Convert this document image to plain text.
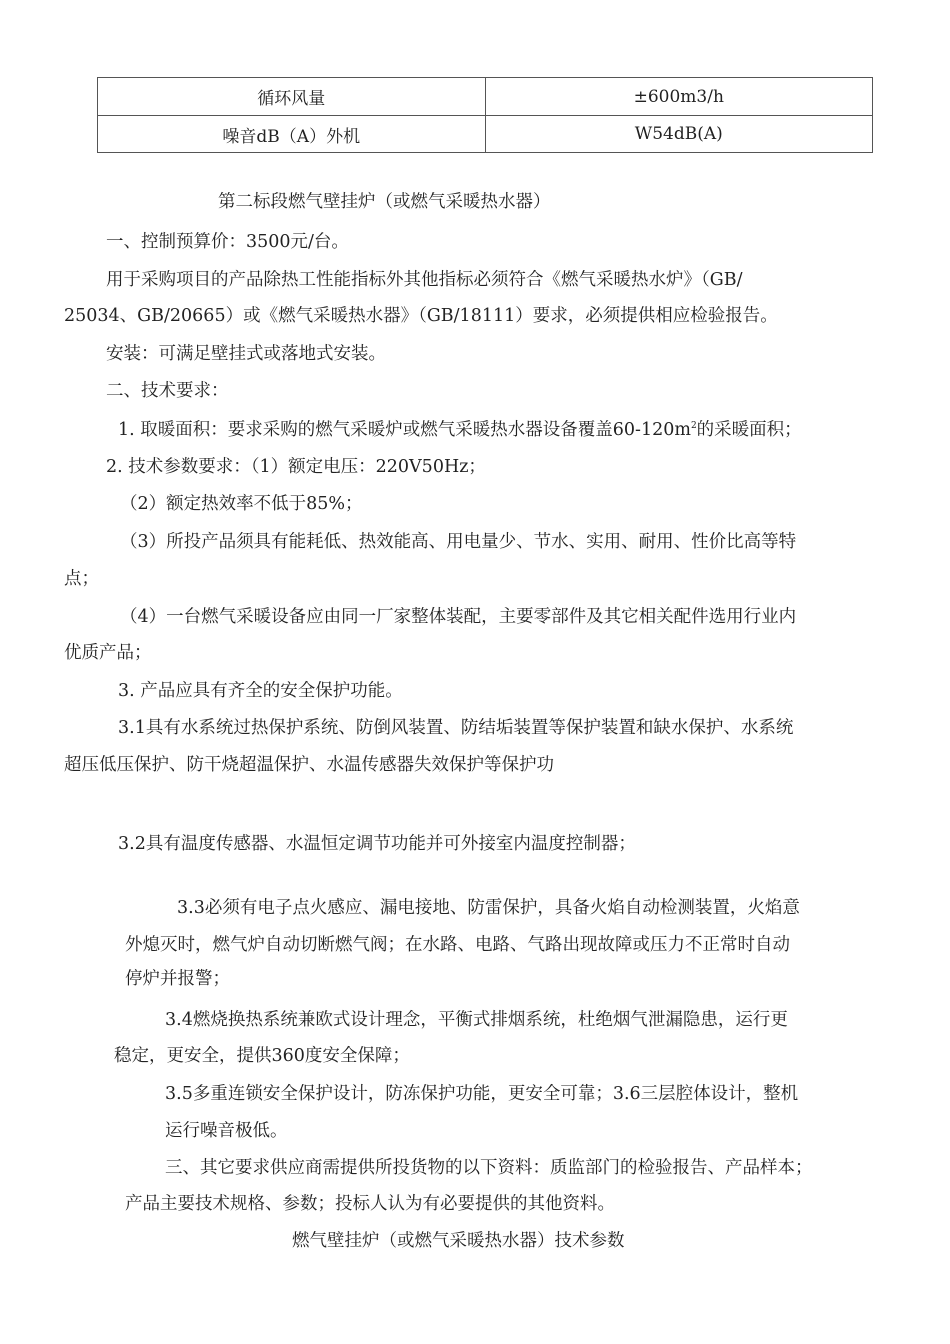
循环风量	±600m3/h
噪音dB（A）外机	W54dB(A)

第二标段燃气壁挂炉（或燃气采暖热水器）

一、控制预算价：3500元/台。

用于采购项目的产品除热工性能指标外其他指标必须符合《燃气采暖热水炉》（GB/

25034、GB/20665）或《燃气采暖热水器》（GB/18111）要求，必须提供相应检验报告。

安装：可满足壁挂式或落地式安装。

二、技术要求：

1. 取暖面积：要求采购的燃气采暖炉或燃气采暖热水器设备覆盖$60-120m^2$的采暖面积；

2. 技术参数要求：（1）额定电压：220V50Hz；

（2）额定热效率不低于85%；

（3）所投产品须具有能耗低、热效能高、用电量少、节水、实用、耐用、性价比高等特

点；

（4）一台燃气采暖设备应由同一厂家整体装配，主要零部件及其它相关配件选用行业内

优质产品；

3. 产品应具有齐全的安全保护功能。

3.1具有水系统过热保护系统、防倒风装置、防结垢装置等保护装置和缺水保护、水系统

超压低压保护、防干烧超温保护、水温传感器失效保护等保护功

3.2具有温度传感器、水温恒定调节功能并可外接室内温度控制器；

3.3必须有电子点火感应、漏电接地、防雷保护，具备火焰自动检测装置，火焰意

外熄灭时，燃气炉自动切断燃气阀；在水路、电路、气路出现故障或压力不正常时自动

停炉并报警；

3.4燃烧换热系统兼欧式设计理念，平衡式排烟系统，杜绝烟气泄漏隐患，运行更

稳定，更安全，提供360度安全保障；

3.5多重连锁安全保护设计，防冻保护功能，更安全可靠；3.6三层腔体设计，整机

运行噪音极低。

三、其它要求供应商需提供所投货物的以下资料：质监部门的检验报告、产品样本；

产品主要技术规格、参数；投标人认为有必要提供的其他资料。

燃气壁挂炉（或燃气采暖热水器）技术参数
